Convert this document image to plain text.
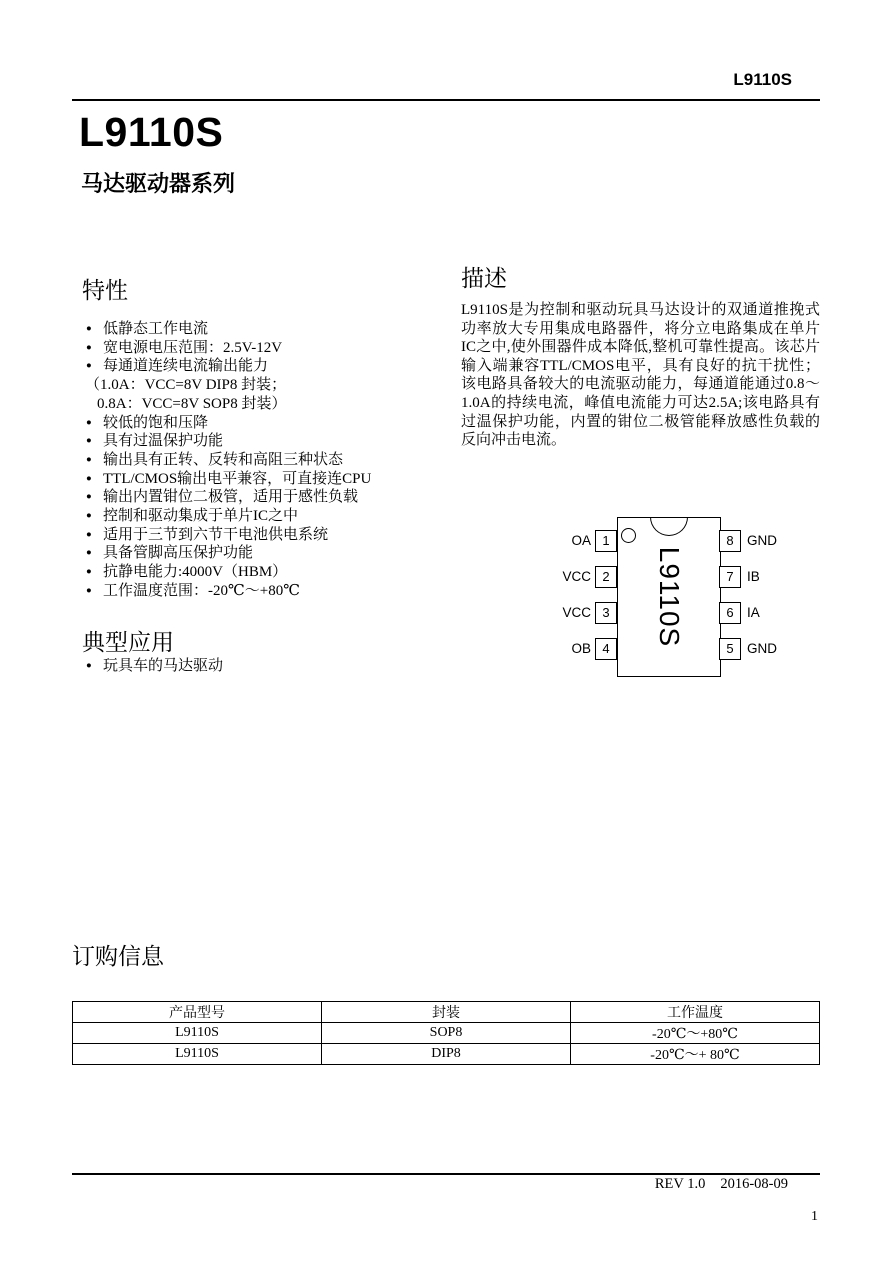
L9110S
L9110S
马达驱动器系列
特性
● 低静态工作电流
● 宽电源电压范围：2.5V-12V
● 每通道连续电流输出能力
（1.0A：VCC=8V DIP8 封装；
0.8A：VCC=8V SOP8 封装）
● 较低的饱和压降
● 具有过温保护功能
● 输出具有正转、反转和高阻三种状态
● TTL/CMOS输出电平兼容，可直接连CPU
● 输出内置钳位二极管，适用于感性负载
● 控制和驱动集成于单片IC之中
● 适用于三节到六节干电池供电系统
● 具备管脚高压保护功能
● 抗静电能力:4000V（HBM）
● 工作温度范围：-20℃～+80℃
典型应用
● 玩具车的马达驱动
描述

L9110S是为控制和驱动玩具马达设计的双通道推挽式功率放大专用集成电路器件，将分立电路集成在单片IC之中,使外围器件成本降低,整机可靠性提高。该芯片输入端兼容TTL/CMOS电平，具有良好的抗干扰性；该电路具备较大的电流驱动能力，每通道能通过0.8～1.0A的持续电流，峰值电流能力可达2.5A;该电路具有过温保护功能，内置的钳位二极管能释放感性负载的反向冲击电流。

L9110S
OA
VCC
VCC
OB
1
2
3
4
8
7
6
5
GND
IB
IA
GND
订购信息
产品型号	封装	工作温度
L9110S	SOP8	-20℃～+80℃
L9110S	DIP8	-20℃～+ 80℃
REV 1.0 2016-08-09
1
